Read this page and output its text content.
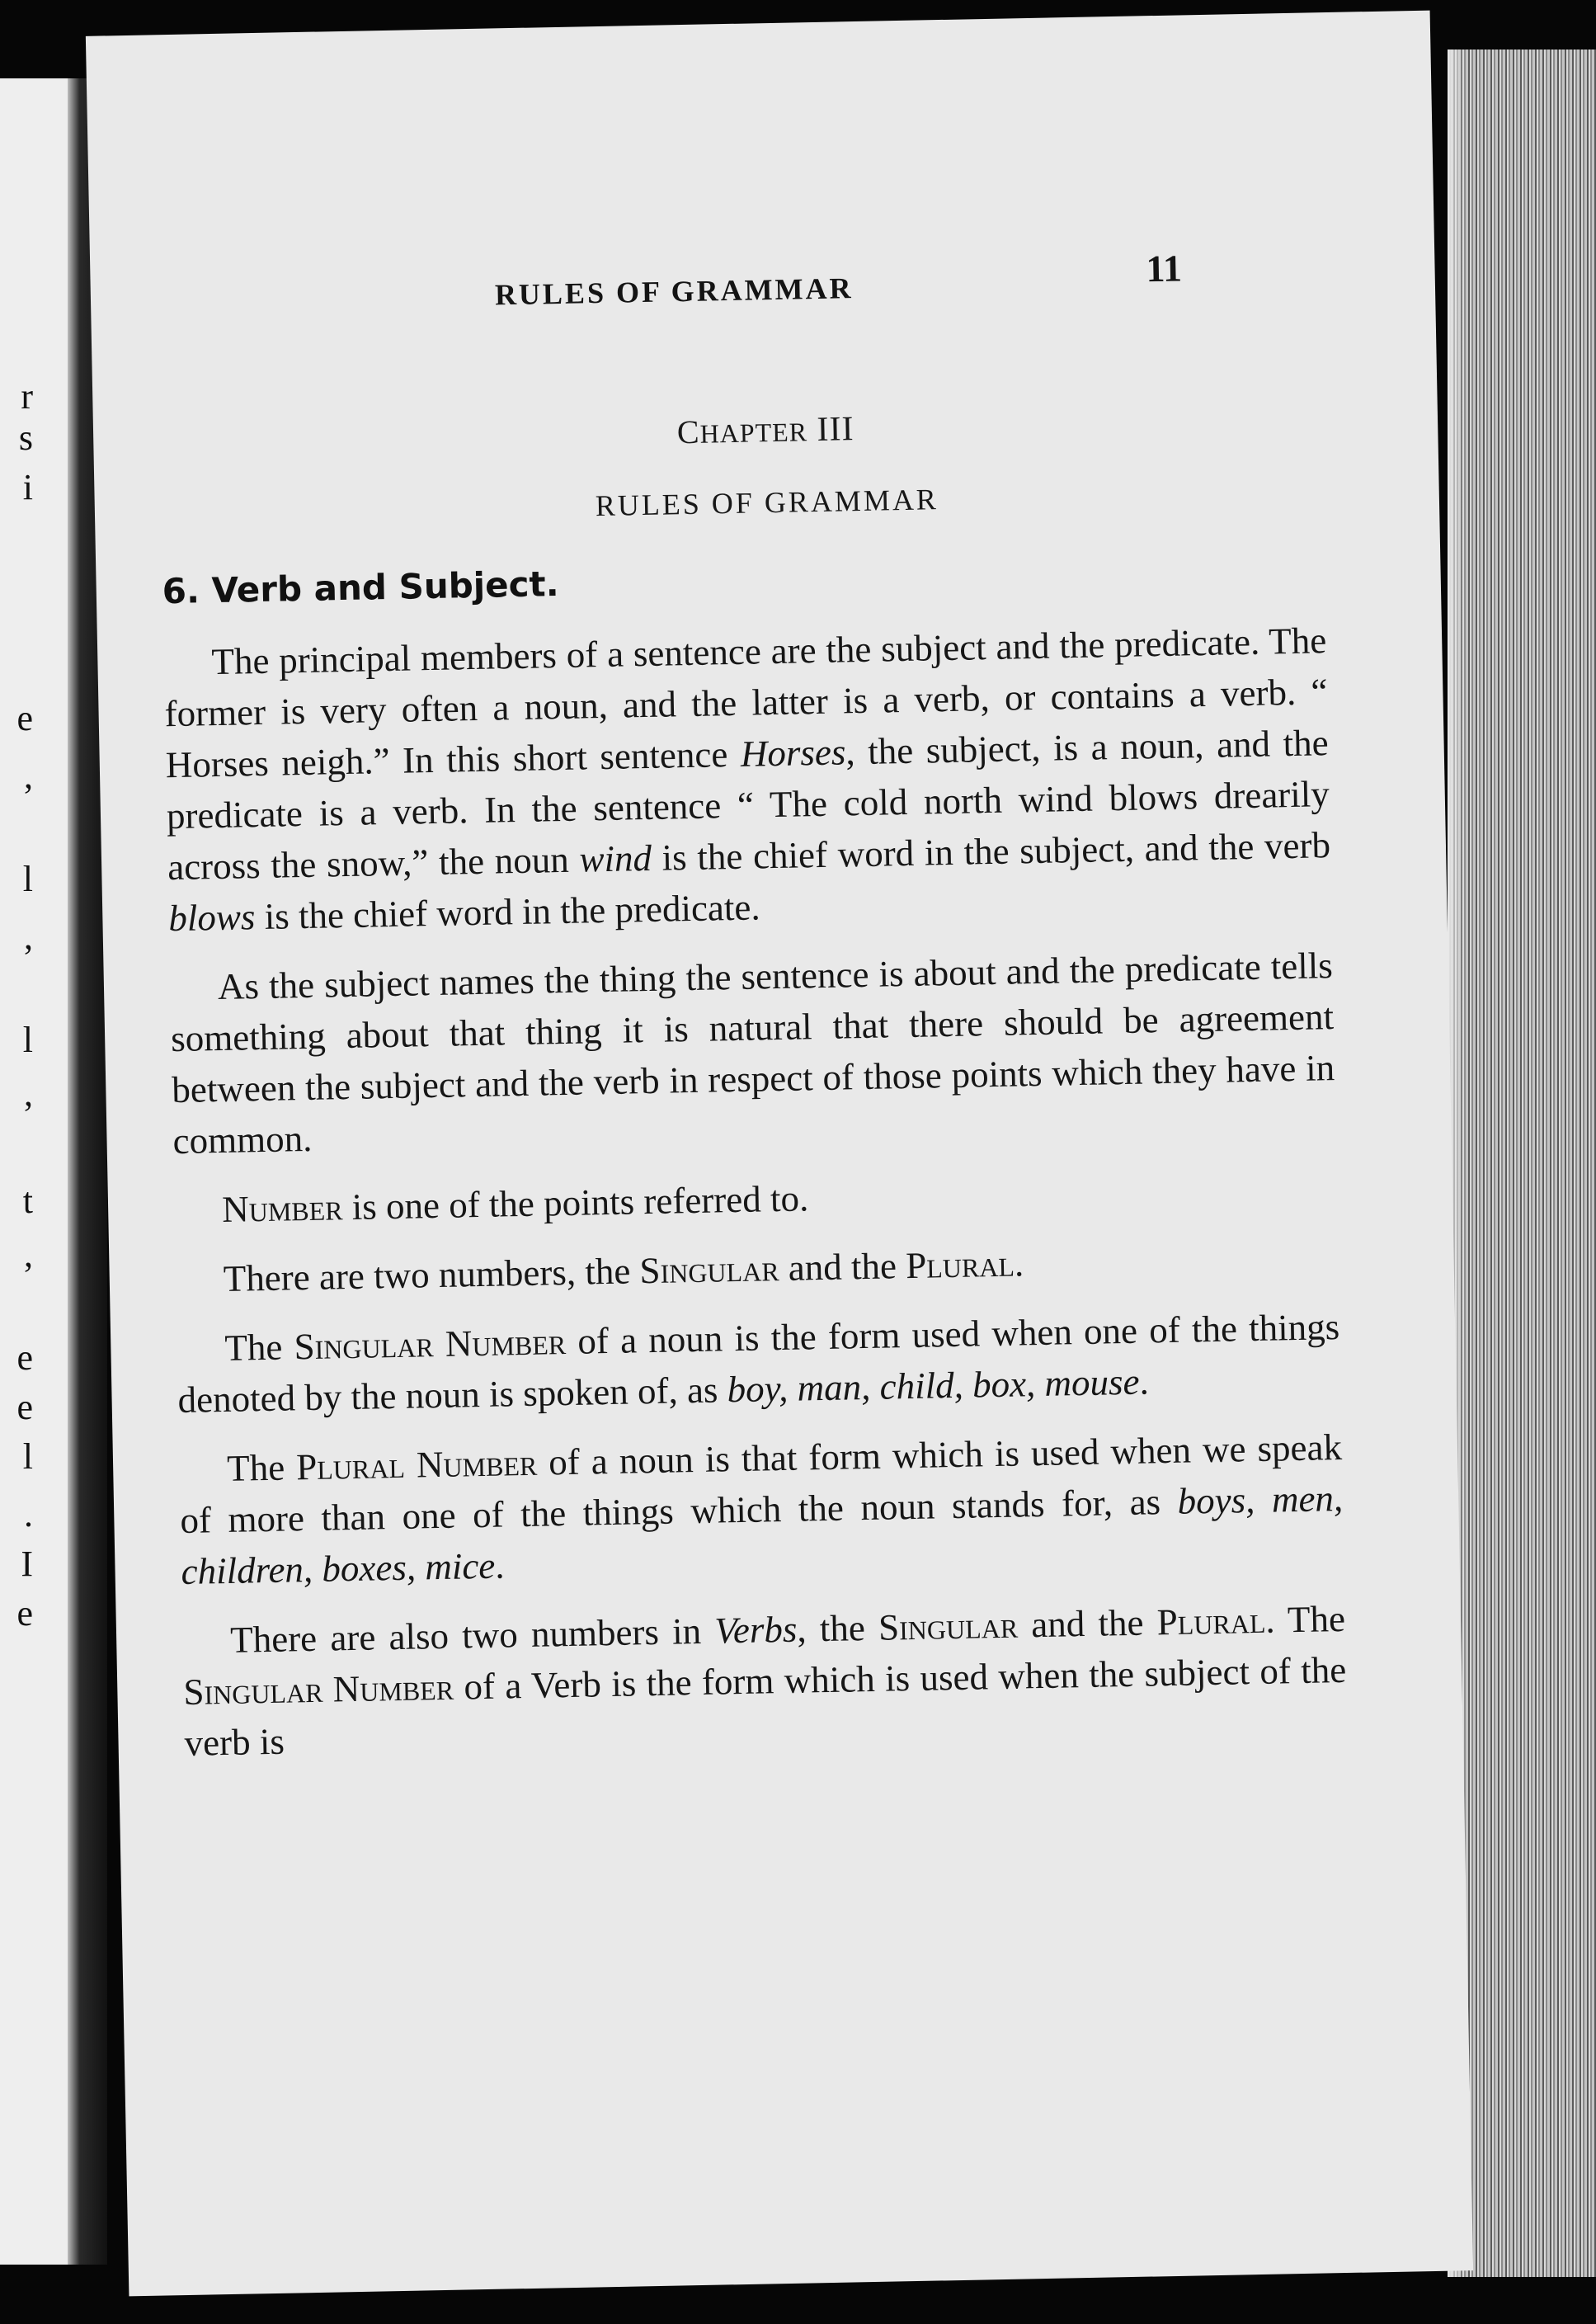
r
s
i
e
,
l
,
l
,
t
,
e
e
l
.
I
e
RULES OF GRAMMAR
11
CHAPTER III
RULES OF GRAMMAR
6. Verb and Subject.

The principal members of a sentence are the subject and the predicate. The former is very often a noun, and the latter is a verb, or contains a verb. “ Horses neigh.” In this short sentence Horses, the subject, is a noun, and the predicate is a verb. In the sentence “ The cold north wind blows drearily across the snow,” the noun wind is the chief word in the subject, and the verb blows is the chief word in the predicate.

As the subject names the thing the sentence is about and the predicate tells something about that thing it is natural that there should be agreement between the subject and the verb in respect of those points which they have in common.

Number is one of the points referred to.

There are two numbers, the Singular and the Plural.

The Singular Number of a noun is the form used when one of the things denoted by the noun is spoken of, as boy, man, child, box, mouse.

The Plural Number of a noun is that form which is used when we speak of more than one of the things which the noun stands for, as boys, men, children, boxes, mice.

There are also two numbers in Verbs, the Singular and the Plural. The Singular Number of a Verb is the form which is used when the subject of the verb is
